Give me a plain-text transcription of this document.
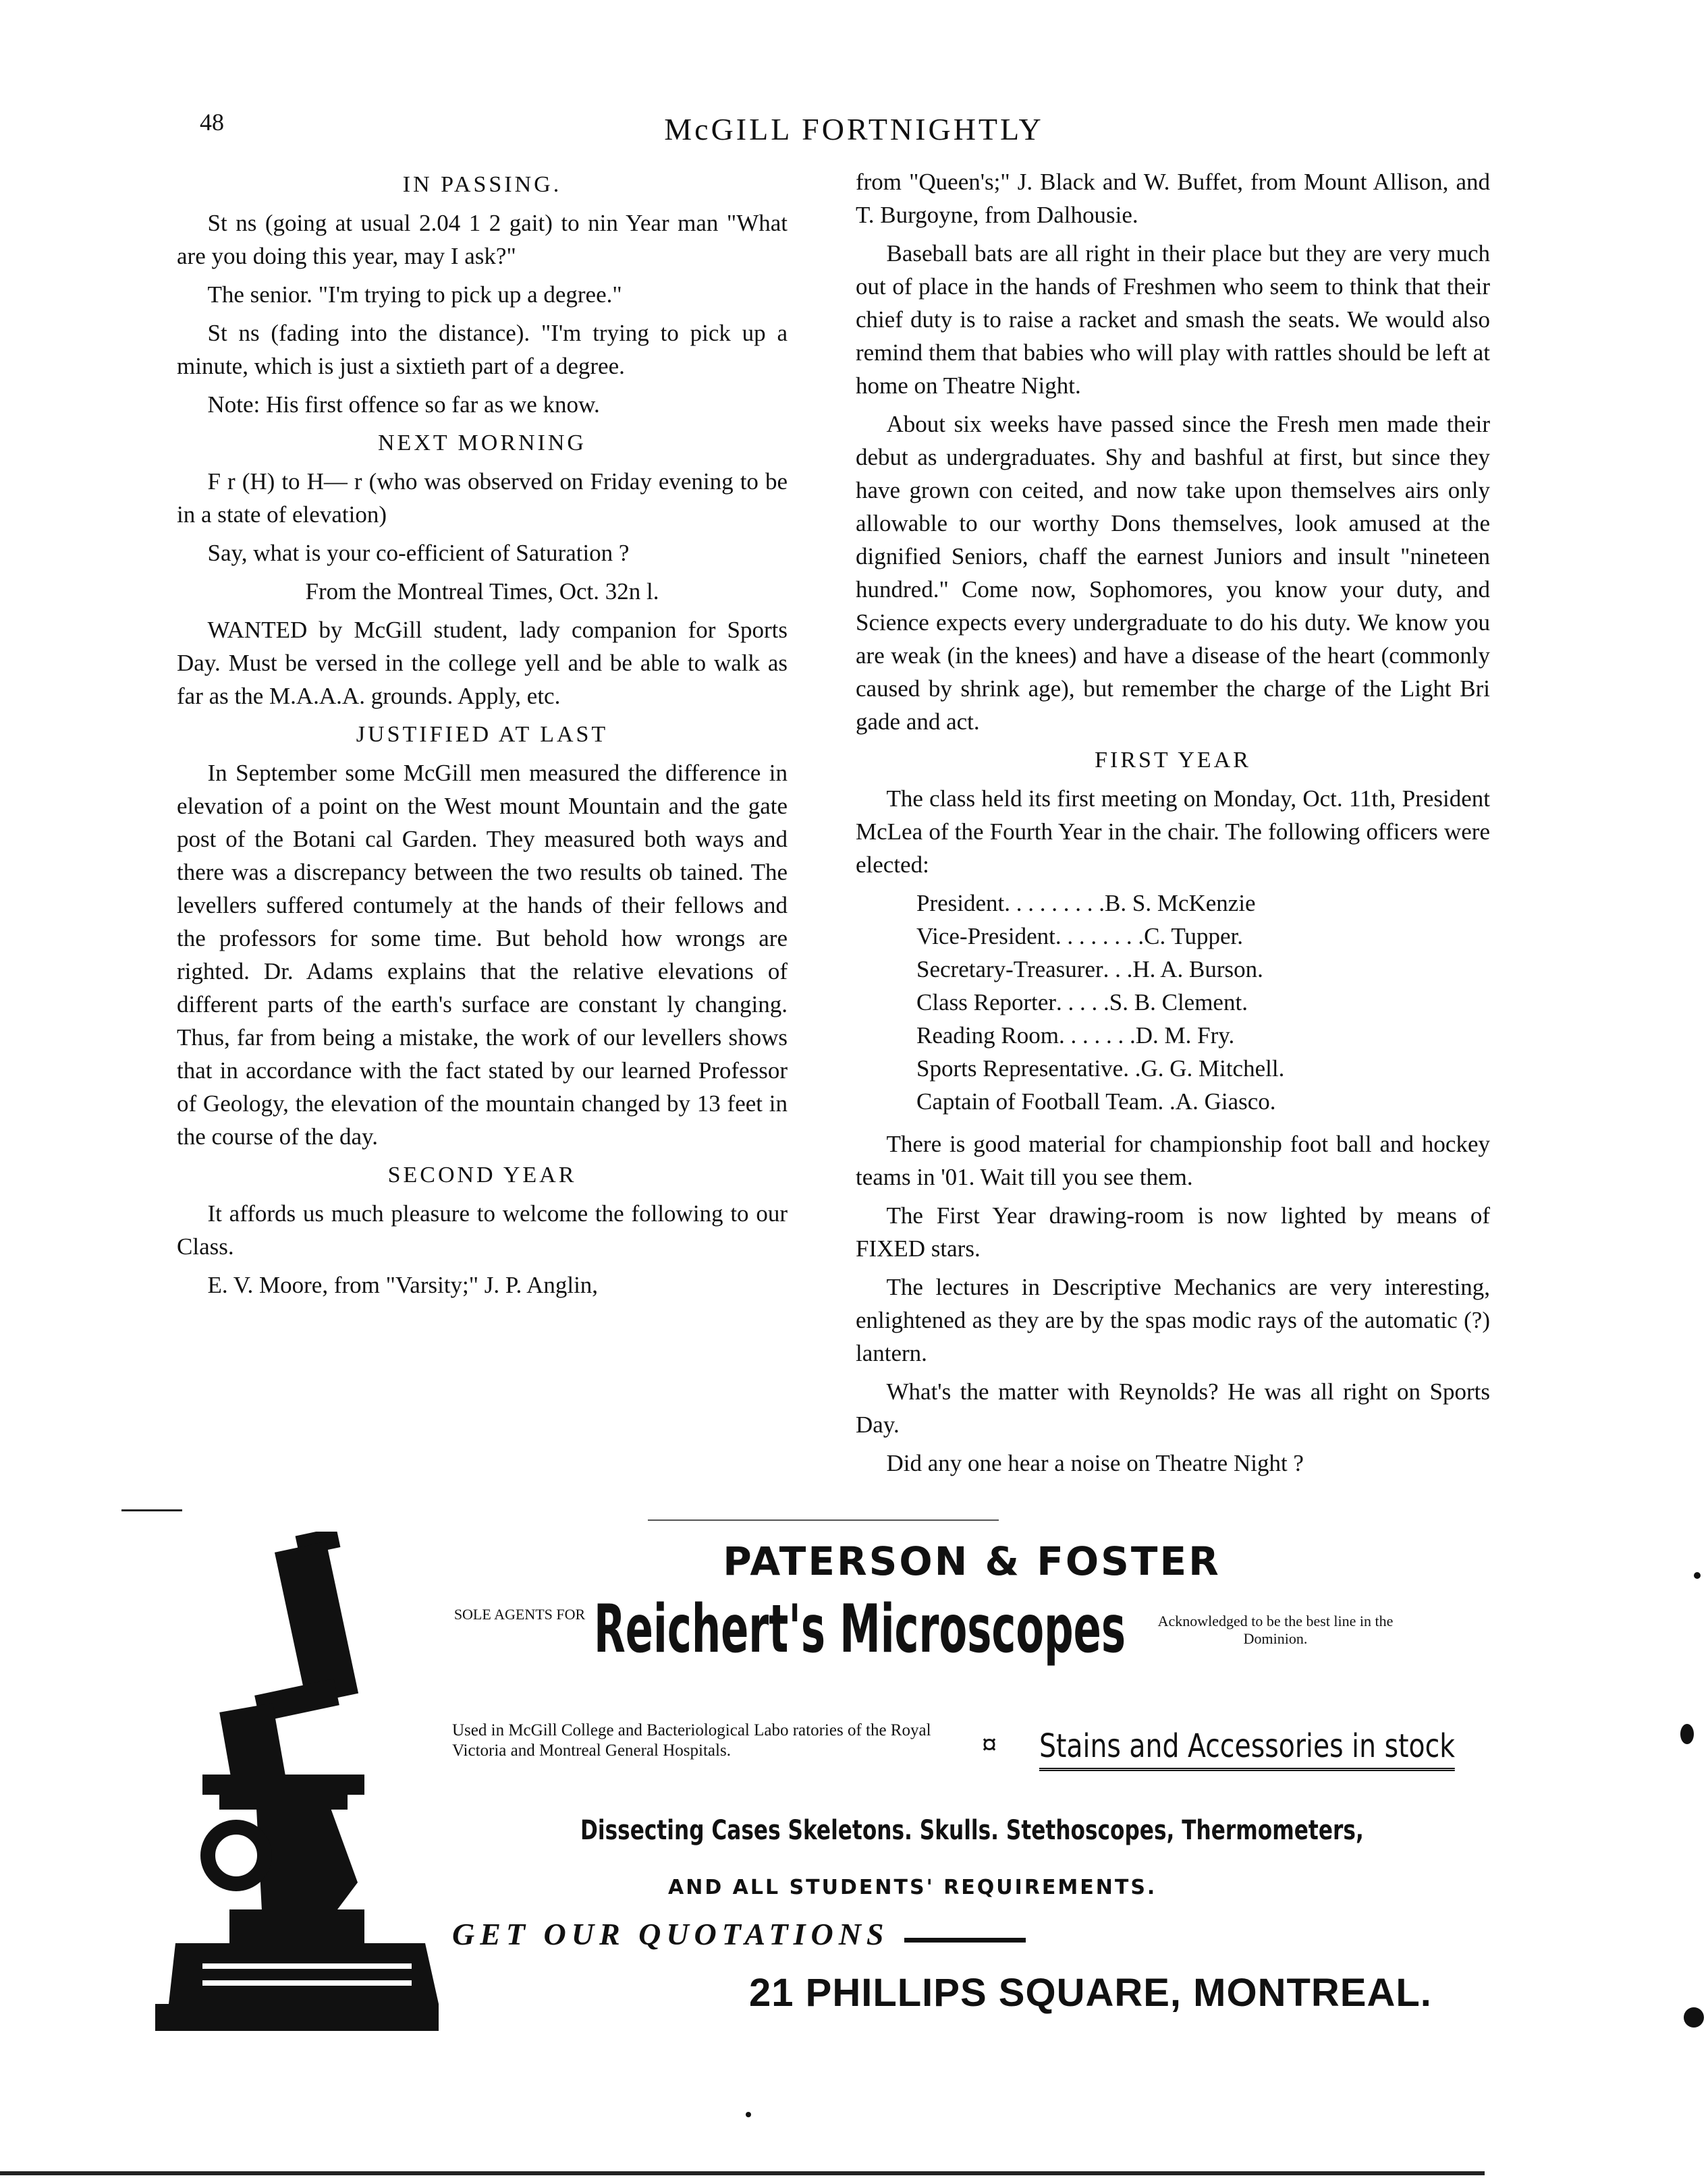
48	McGILL FORTNIGHTLY
IN PASSING.

St ns (going at usual 2.04 1 2 gait) to nin Year man "What are you doing this year, may I ask?"

The senior. "I'm trying to pick up a degree."

St ns (fading into the distance). "I'm trying to pick up a minute, which is just a sixtieth part of a degree.

Note: His first offence so far as we know.

NEXT MORNING

F r (H) to H— r (who was observed on Friday evening to be in a state of elevation)

Say, what is your co-efficient of Saturation ?

From the Montreal Times, Oct. 32n l.

WANTED by McGill student, lady companion for Sports Day. Must be versed in the college yell and be able to walk as far as the M.A.A.A. grounds. Apply, etc.

JUSTIFIED AT LAST

In September some McGill men measured the difference in elevation of a point on the West mount Mountain and the gate post of the Botani cal Garden. They measured both ways and there was a discrepancy between the two results ob tained. The levellers suffered contumely at the hands of their fellows and the professors for some time. But behold how wrongs are righted. Dr. Adams explains that the relative elevations of different parts of the earth's surface are constant ly changing. Thus, far from being a mistake, the work of our levellers shows that in accordance with the fact stated by our learned Professor of Geology, the elevation of the mountain changed by 13 feet in the course of the day.

SECOND YEAR

It affords us much pleasure to welcome the following to our Class.

E. V. Moore, from "Varsity;" J. P. Anglin,

from "Queen's;" J. Black and W. Buffet, from Mount Allison, and T. Burgoyne, from Dalhousie.

Baseball bats are all right in their place but they are very much out of place in the hands of Freshmen who seem to think that their chief duty is to raise a racket and smash the seats. We would also remind them that babies who will play with rattles should be left at home on Theatre Night.

About six weeks have passed since the Fresh men made their debut as undergraduates. Shy and bashful at first, but since they have grown con ceited, and now take upon themselves airs only allowable to our worthy Dons themselves, look amused at the dignified Seniors, chaff the earnest Juniors and insult "nineteen hundred." Come now, Sophomores, you know your duty, and Science expects every undergraduate to do his duty. We know you are weak (in the knees) and have a disease of the heart (commonly caused by shrink age), but remember the charge of the Light Bri gade and act.

FIRST YEAR

The class held its first meeting on Monday, Oct. 11th, President McLea of the Fourth Year in the chair. The following officers were elected:

President . . . . . . . . . B. S. McKenzie
Vice-President . . . . . . . . C. Tupper.
Secretary-Treasurer . . . H. A. Burson.
Class Reporter . . . . . S. B. Clement.
Reading Room . . . . . . . D. M. Fry.
Sports Representative . . G. G. Mitchell.
Captain of Football Team . . A. Giasco.

There is good material for championship foot ball and hockey teams in '01. Wait till you see them.

The First Year drawing-room is now lighted by means of FIXED stars.

The lectures in Descriptive Mechanics are very interesting, enlightened as they are by the spas modic rays of the automatic (?) lantern.

What's the matter with Reynolds? He was all right on Sports Day.

Did any one hear a noise on Theatre Night ?

PATERSON & FOSTER
SOLE AGENTS FOR Reichert's Microscopes	Acknowledged to be the best line in the Dominion.
Used in McGill College and Bacteriological Labo ratories of the Royal Victoria and Montreal General Hospitals.	¤ Stains and Accessories in stock
Dissecting Cases Skeletons. Skulls. Stethoscopes, Thermometers,
AND ALL STUDENTS' REQUIREMENTS.
GET OUR QUOTATIONS
21 PHILLIPS SQUARE, MONTREAL.
